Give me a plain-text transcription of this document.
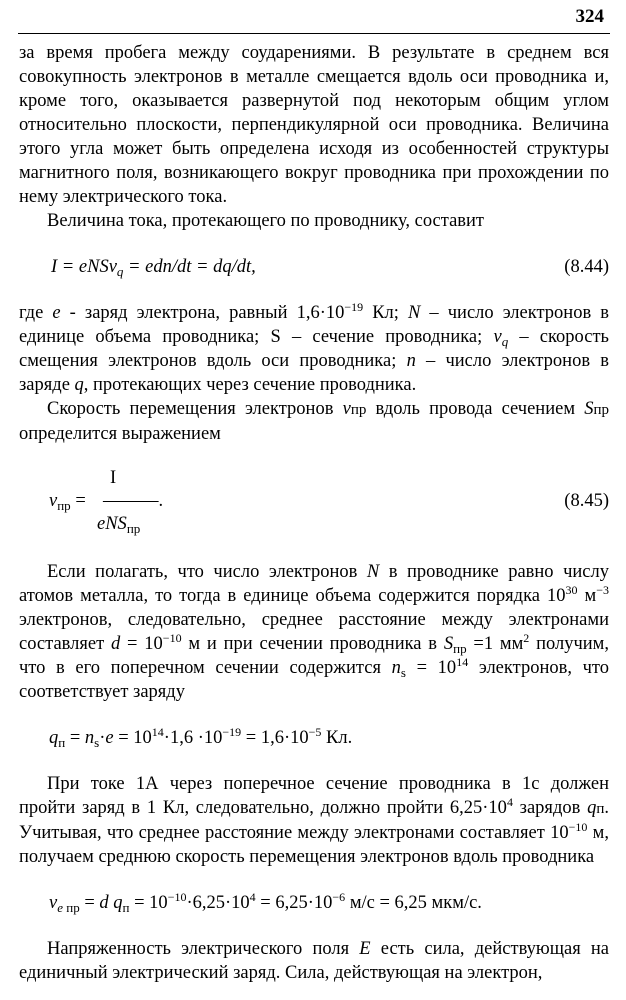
324

за время пробега между соударениями. В результате в среднем вся совокупность электронов в металле смещается вдоль оси проводника и, кроме того, оказывается развернутой под некоторым общим углом относительно плоскости, перпендикулярной оси проводника. Величина этого угла может быть определена исходя из особенностей структуры магнитного поля, возникающего вокруг проводника при прохождении по нему электрического тока.

Величина тока, протекающего по проводнику, составит

I = eNSv$_q$ = edn/dt = dq/dt,	(8.44)

где e - заряд электрона, равный $1,6\cdot 10^{-19}$ Кл; N – число электронов в единице объема проводника; S – сечение проводника; $v_q$ – скорость смещения электронов вдоль оси проводника; n – число электронов в заряде q, протекающих через сечение проводника.

Скорость перемещения электронов vпр вдоль провода сечением Sпр определится выражением

$v_{пр}$ =
I
———.
eNS$_{пр}$
(8.45)

Если полагать, что число электронов N в проводнике равно числу атомов металла, то тогда в единице объема содержится порядка $10^{30}$ $м^{-3}$ электронов, следовательно, среднее расстояние между электронами составляет $d = 10^{-10}$ м и при сечении проводника в $S_{пр} =1$ $мм^2$ получим, что в его поперечном сечении содержится $n_s = 10^{14}$ электронов, что соответствует заряду

$q_п = n_s\cdot e = 10^{14}\cdot 1,6 \cdot 10^{-19} = 1,6\cdot 10^{-5}$ Кл.

При токе 1А через поперечное сечение проводника в 1с должен пройти заряд в 1 Кл, следовательно, должно пройти $6,25\cdot 10^4$ зарядов qп. Учитывая, что среднее расстояние между электронами составляет $10^{-10}$ м, получаем среднюю скорость перемещения электронов вдоль проводника

$v_{e пр} = d$ $q_п = 10^{-10}\cdot 6,25\cdot 10^4 = 6,25\cdot 10^{-6}$ м/с = 6,25 мкм/с.

Напряженность электрического поля E есть сила, действующая на единичный электрический заряд. Сила, действующая на электрон,
